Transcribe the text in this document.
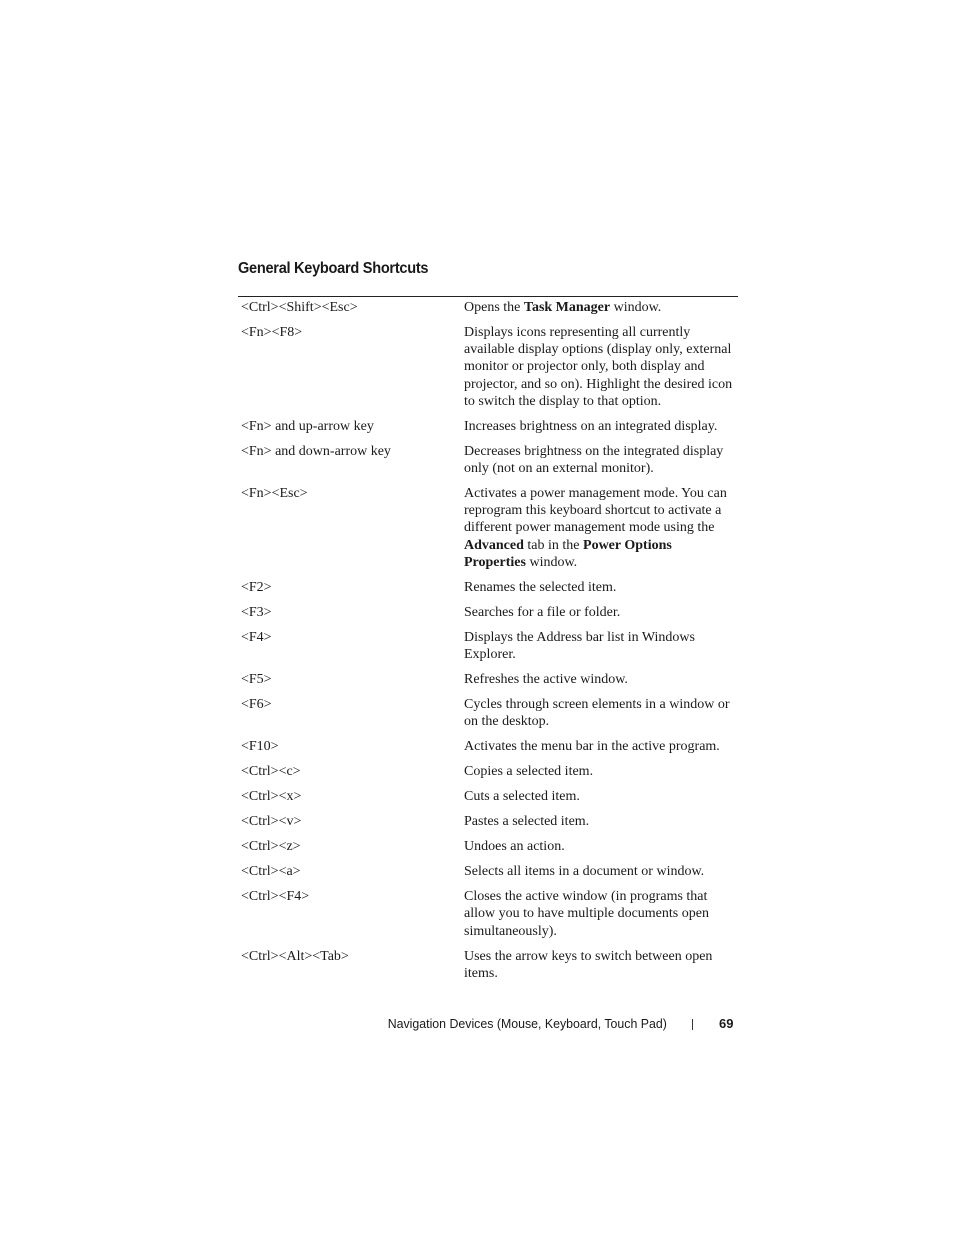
General Keyboard Shortcuts
<Ctrl><Shift><Esc>	Opens the Task Manager window.
<Fn><F8>	Displays icons representing all currently available display options (display only, external monitor or projector only, both display and projector, and so on). Highlight the desired icon to switch the display to that option.
<Fn> and up-arrow key	Increases brightness on an integrated display.
<Fn> and down-arrow key	Decreases brightness on the integrated display only (not on an external monitor).
<Fn><Esc>	Activates a power management mode. You can reprogram this keyboard shortcut to activate a different power management mode using the Advanced tab in the Power Options Properties window.
<F2>	Renames the selected item.
<F3>	Searches for a file or folder.
<F4>	Displays the Address bar list in Windows Explorer.
<F5>	Refreshes the active window.
<F6>	Cycles through screen elements in a window or on the desktop.
<F10>	Activates the menu bar in the active program.
<Ctrl><c>	Copies a selected item.
<Ctrl><x>	Cuts a selected item.
<Ctrl><v>	Pastes a selected item.
<Ctrl><z>	Undoes an action.
<Ctrl><a>	Selects all items in a document or window.
<Ctrl><F4>	Closes the active window (in programs that allow you to have multiple documents open simultaneously).
<Ctrl><Alt><Tab>	Uses the arrow keys to switch between open items.
Navigation Devices (Mouse, Keyboard, Touch Pad)	69
